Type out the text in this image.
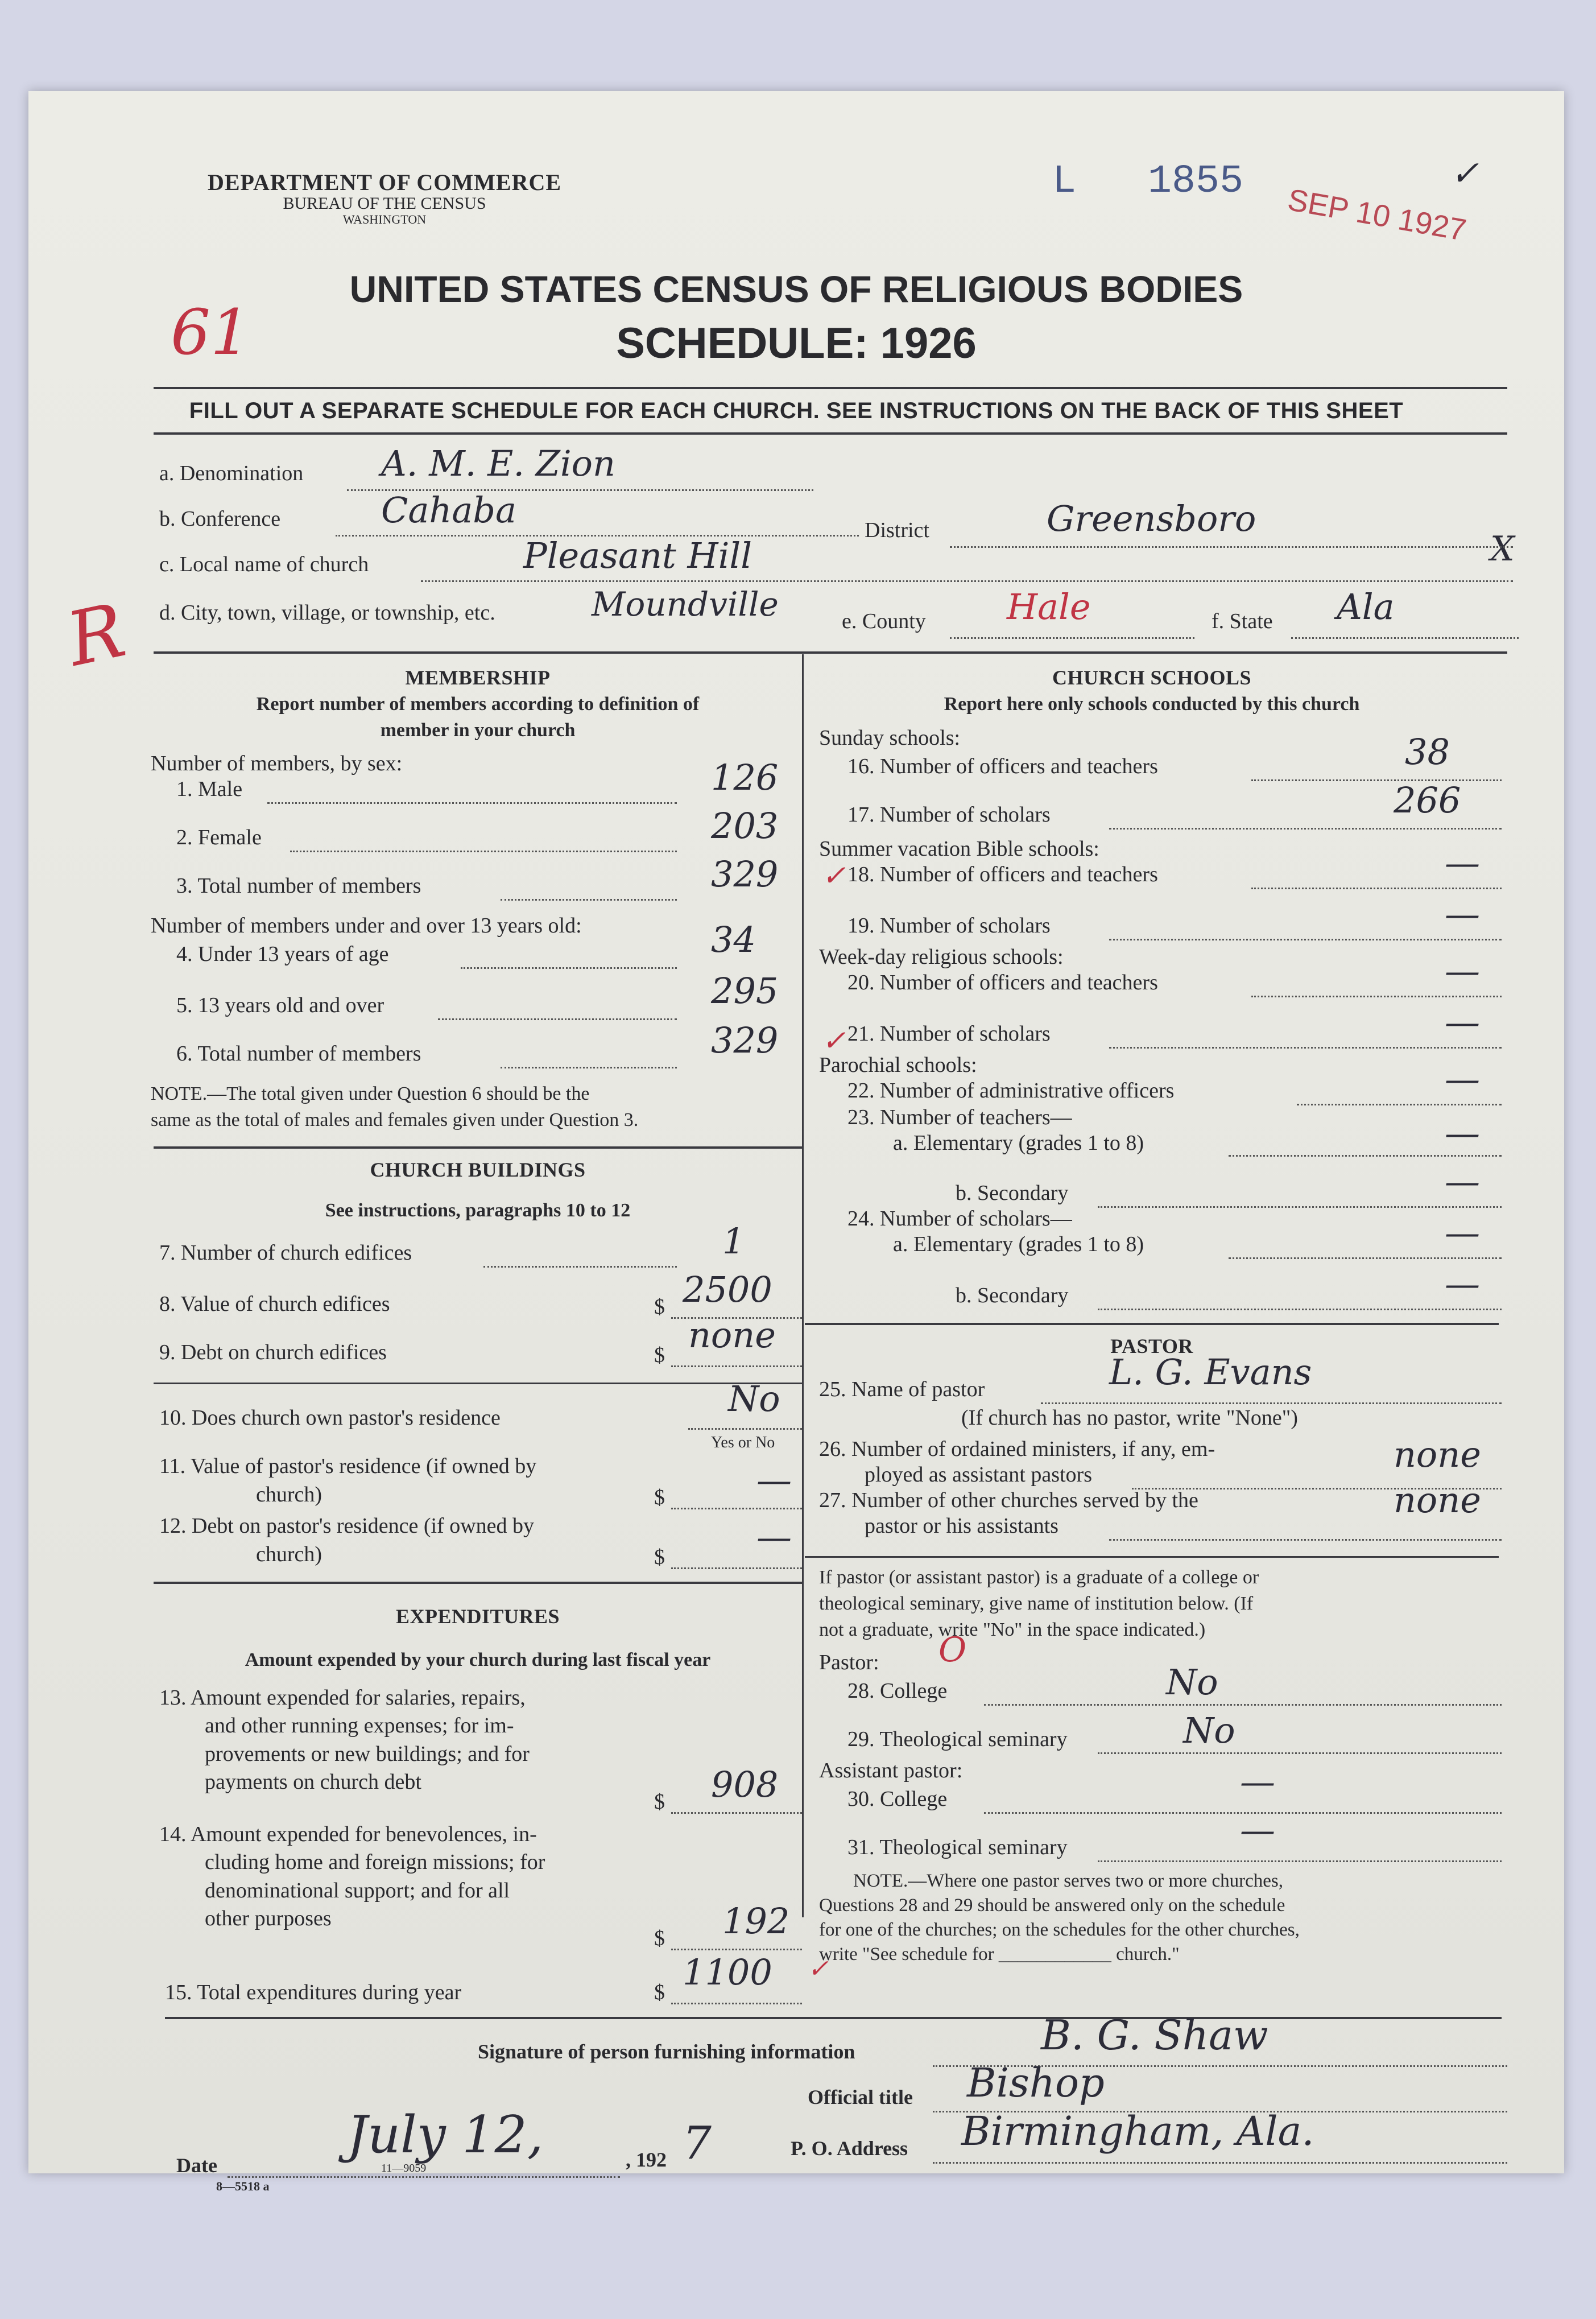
DEPARTMENT OF COMMERCE
BUREAU OF THE CENSUS
WASHINGTON
L 1855
SEP 10 1927
✓
UNITED STATES CENSUS OF RELIGIOUS BODIES
SCHEDULE: 1926
61
R
FILL OUT A SEPARATE SCHEDULE FOR EACH CHURCH. SEE INSTRUCTIONS ON THE BACK OF THIS SHEET
X
a. Denomination A. M. E. Zion
b. Conference	Cahaba	District	Greensboro
c. Local name of church	Pleasant Hill
d. City, town, village, or township, etc.	Moundville	e. County Hale	f. State Ala
MEMBERSHIP
Report number of members according to definition of
member in your church
Number of members, by sex:
1. Male	126
2. Female	203
3. Total number of members	329 ✓
Number of members under and over 13 years old:
4. Under 13 years of age	34
5. 13 years old and over	295
6. Total number of members	329 ✓
NOTE.—The total given under Question 6 should be the
same as the total of males and females given under Question 3.
CHURCH BUILDINGS
See instructions, paragraphs 10 to 12
7. Number of church edifices	1
8. Value of church edifices	$ 2500
9. Debt on church edifices	$ none
10. Does church own pastor's residence	No
Yes or No
11. Value of pastor's residence (if owned by
church)	$	—
12. Debt on pastor's residence (if owned by
church)	$	—
EXPENDITURES
Amount expended by your church during last fiscal year
13. Amount expended for salaries, repairs,
and other running expenses; for im-
provements or new buildings; and for
payments on church debt
$ 908
14. Amount expended for benevolences, in-
cluding home and foreign missions; for
denominational support; and for all
other purposes
$ 192
15. Total expenditures during year	$ 1100 ✓
CHURCH SCHOOLS
Report here only schools conducted by this church
Sunday schools:
16. Number of officers and teachers	38
17. Number of scholars	266
Summer vacation Bible schools:
18. Number of officers and teachers	—
19. Number of scholars	—
Week-day religious schools:
20. Number of officers and teachers	—
21. Number of scholars	—
Parochial schools:
22. Number of administrative officers	—
23. Number of teachers—
a. Elementary (grades 1 to 8)	—
b. Secondary	—
24. Number of scholars—
a. Elementary (grades 1 to 8)	—
b. Secondary	—
PASTOR
25. Name of pastor	L. G. Evans
(If church has no pastor, write "None")
26. Number of ordained ministers, if any, em-
ployed as assistant pastors	none
27. Number of other churches served by the
pastor or his assistants
none
If pastor (or assistant pastor) is a graduate of a college or
theological seminary, give name of institution below. (If
not a graduate, write "No" in the space indicated.)
Pastor: O
28. College	No
29. Theological seminary	No
Assistant pastor:
30. College	—
31. Theological seminary	—
NOTE.—Where one pastor serves two or more churches,
Questions 28 and 29 should be answered only on the schedule
for one of the churches; on the schedules for the other churches,
write "See schedule for ____________ church."
Signature of person furnishing information	B. G. Shaw
Official title Bishop
Date
July 12,	, 192 7	P. O. Address Birmingham, Ala.
8—5518 a
11—9059
